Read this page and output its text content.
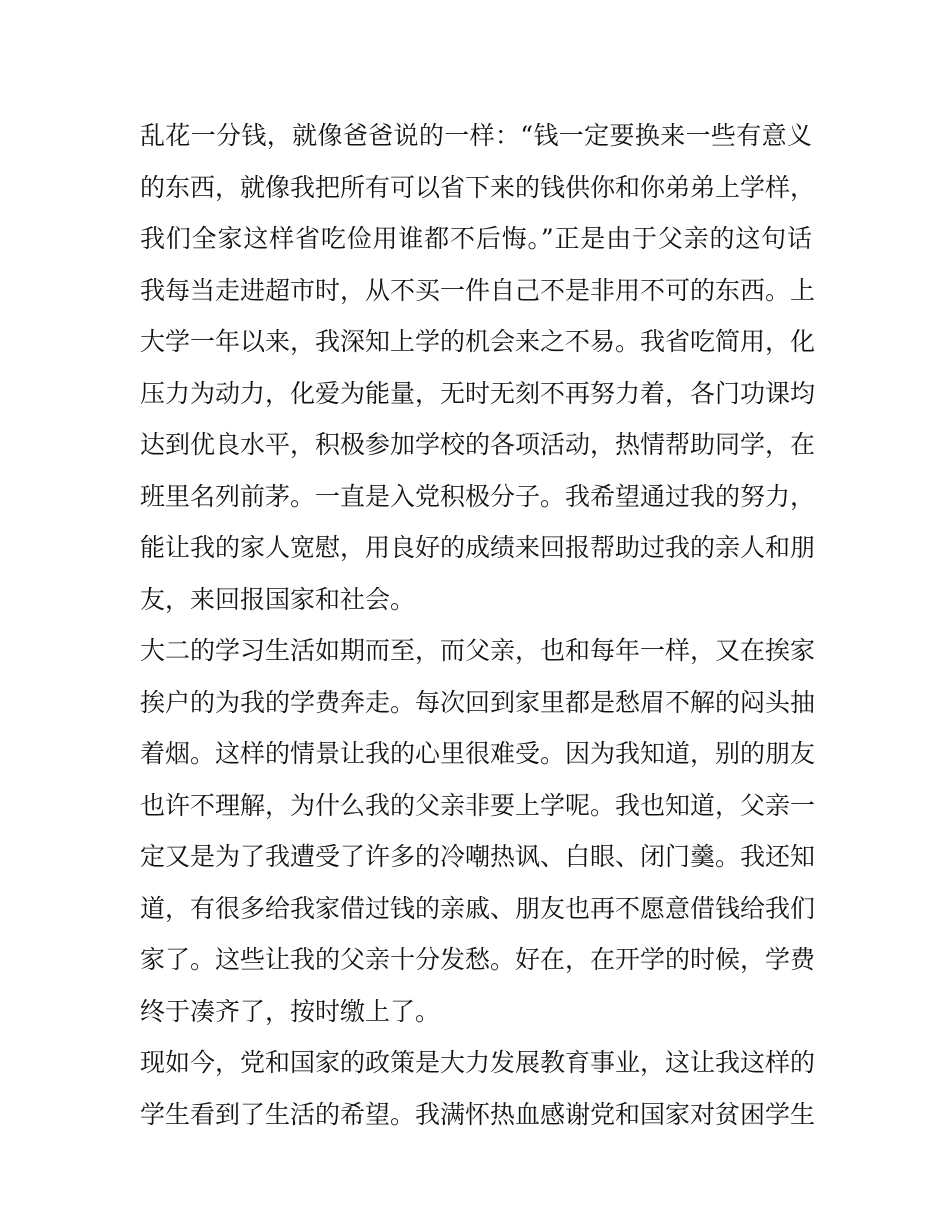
乱花一分钱，就像爸爸说的一样：“钱一定要换来一些有意义
的东西，就像我把所有可以省下来的钱供你和你弟弟上学样，
我们全家这样省吃俭用谁都不后悔。”正是由于父亲的这句话
我每当走进超市时，从不买一件自己不是非用不可的东西。上
大学一年以来，我深知上学的机会来之不易。我省吃简用，化
压力为动力，化爱为能量，无时无刻不再努力着，各门功课均
达到优良水平，积极参加学校的各项活动，热情帮助同学，在
班里名列前茅。一直是入党积极分子。我希望通过我的努力，
能让我的家人宽慰，用良好的成绩来回报帮助过我的亲人和朋
友，来回报国家和社会。
大二的学习生活如期而至，而父亲，也和每年一样，又在挨家
挨户的为我的学费奔走。每次回到家里都是愁眉不解的闷头抽
着烟。这样的情景让我的心里很难受。因为我知道，别的朋友
也许不理解，为什么我的父亲非要上学呢。我也知道，父亲一
定又是为了我遭受了许多的冷嘲热讽、白眼、闭门羹。我还知
道，有很多给我家借过钱的亲戚、朋友也再不愿意借钱给我们
家了。这些让我的父亲十分发愁。好在，在开学的时候，学费
终于凑齐了，按时缴上了。
现如今，党和国家的政策是大力发展教育事业，这让我这样的
学生看到了生活的希望。我满怀热血感谢党和国家对贫困学生
